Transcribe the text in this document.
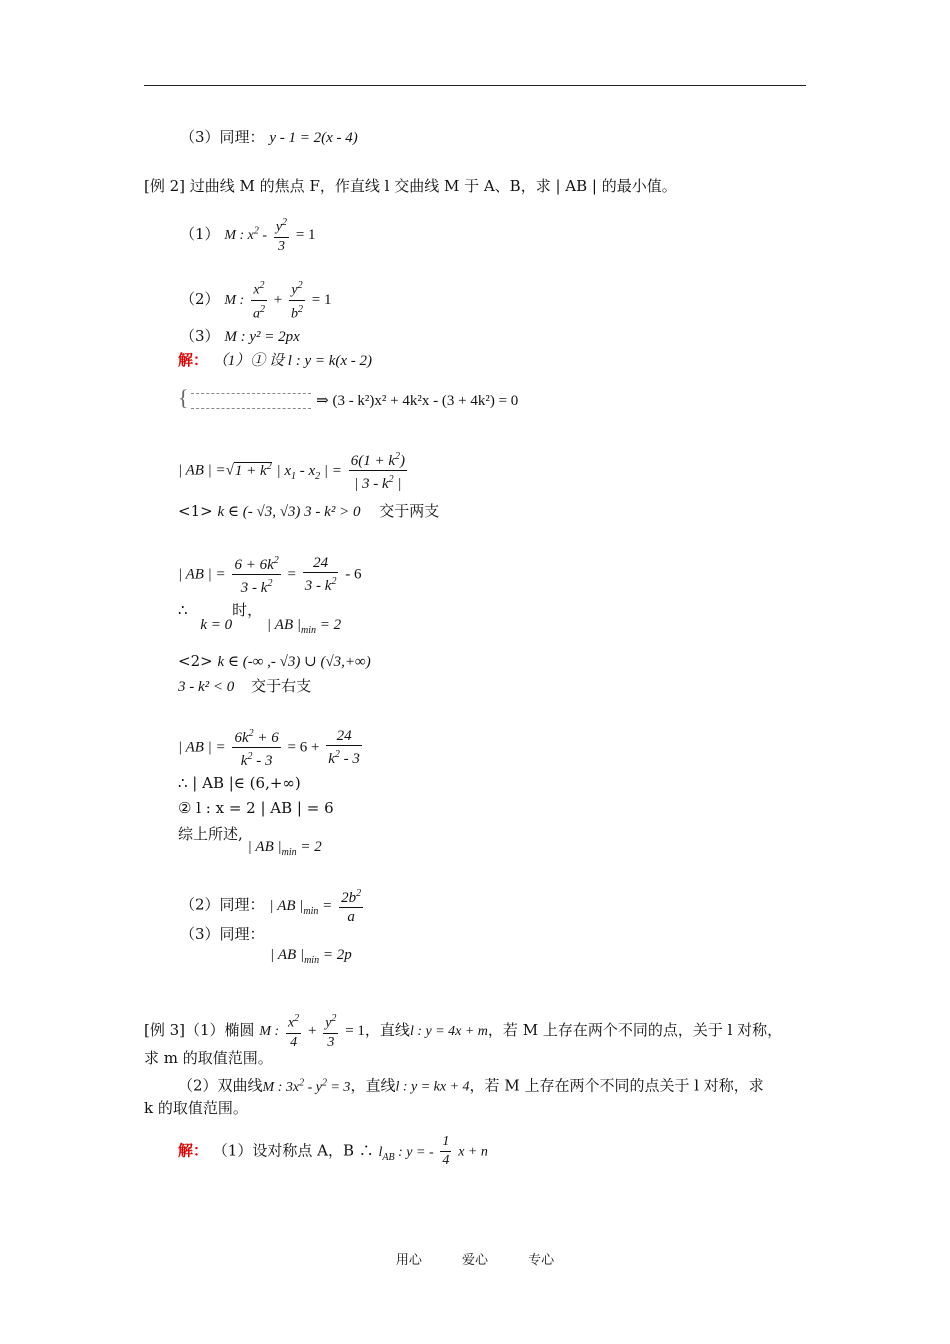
（3）同理： y - 1 = 2(x - 4)
[例 2] 过曲线 M 的焦点 F，作直线 l 交曲线 M 于 A、B，求 | AB | 的最小值。
（1） M : $x^2 - \frac{y^2}{3} = 1$
（2） M : $\frac{x^2}{a^2} + \frac{y^2}{b^2} = 1$
（3） M : y² = 2px
解： （1）① 设 l : y = k(x - 2)
{	⇒ (3 - k²)x² + 4k²x - (3 + 4k²) = 0
| AB | $=√1 + k^2$ | $x_1 - x_2$ | = $\frac{6(1 + k^2)}{| 3 - k^2 |}$
<1> k ∈ (- √3, √3) 3 - k² > 0 交于两支
| AB | = $\frac{6 + 6k^2}{3 - k^2} = \frac{24}{3 - k^2} - 6$
∴ k = 0时， | AB $|_{min} = 2$
<2> k ∈ (-∞ ,- √3) ∪ (√3,+∞)
3 - k² < 0 交于右支
| AB | = $\frac{6k^2 + 6}{k^2 - 3} = 6 + \frac{24}{k^2 - 3}$
∴ | AB |∈ (6,+∞)
② l : x = 2 | AB | = 6
综上所述, | AB $|_{min} = 2$
（2）同理： | AB $|_{min} = \frac{2b^2}{a}$
（3）同理：
| AB $|_{min} = 2p$
[例 3]（1）椭圆 M : $\frac{x^2}{4} + \frac{y^2}{3} = 1$，直线l : y = 4x + m，若 M 上存在两个不同的点，关于 l 对称，
求 m 的取值范围。
（2）双曲线M : $3x^2 - y^2 = 3$，直线l : y = kx + 4，若 M 上存在两个不同的点关于 l 对称，求
k 的取值范围。
解： （1）设对称点 A，B ∴ $l_{AB}$ : y = - $\frac{1}{4}$ x + n
用心	爱心	专心
